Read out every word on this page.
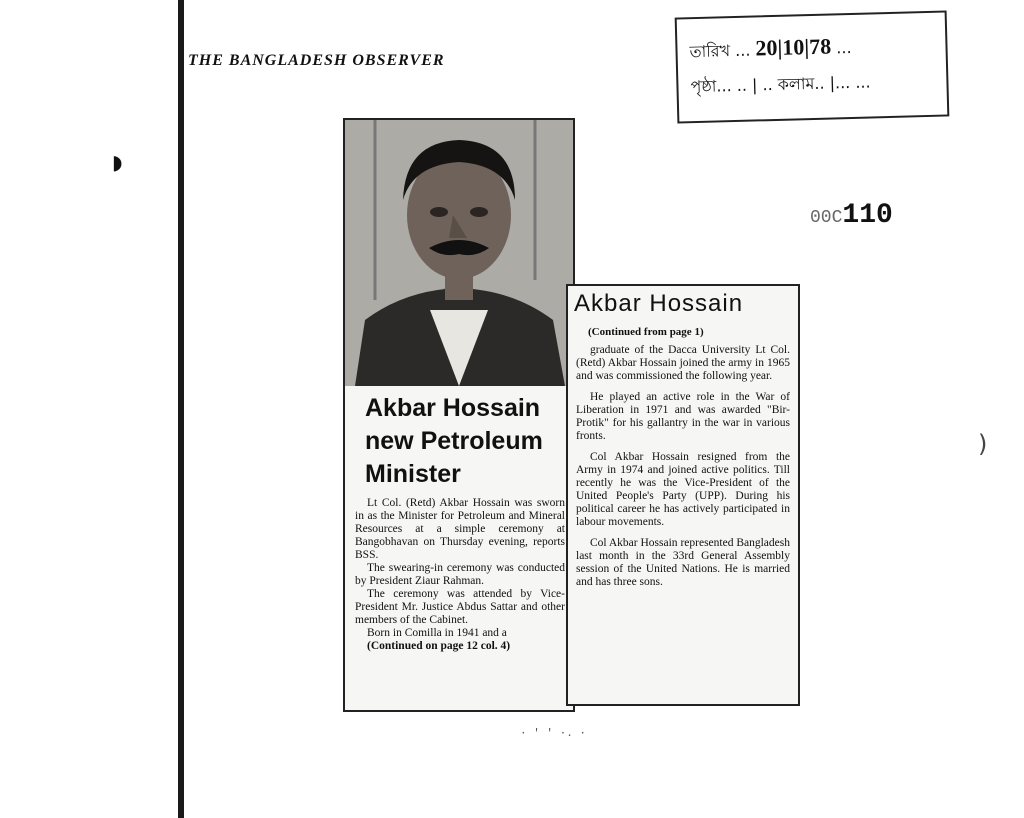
◗
)
THE BANGLADESH OBSERVER	তারিখ ... 20|10|78 ...
পৃষ্ঠা... .. | .. কলাম.. |... ...
00C110
Akbar Hossain
new Petroleum
Minister

Lt Col. (Retd) Akbar Hossain was sworn in as the Minister for Petroleum and Mineral Resources at a simple ceremony at Bangobhavan on Thursday evening, reports BSS.

The swearing-in ceremony was conducted by President Ziaur Rahman.

The ceremony was attended by Vice-President Mr. Justice Abdus Sattar and other members of the Cabinet.

Born in Comilla in 1941 and a

(Continued on page 12 col. 4)

Akbar Hossain
(Continued from page 1)

graduate of the Dacca University Lt Col. (Retd) Akbar Hossain joined the army in 1965 and was commissioned the following year.

He played an active role in the War of Liberation in 1971 and was awarded "Bir-Protik" for his gallantry in the war in various fronts.

Col Akbar Hossain resigned from the Army in 1974 and joined active politics. Till recently he was the Vice-President of the United People's Party (UPP). During his political career he has actively participated in labour movements.

Col Akbar Hossain represented Bangladesh last month in the 33rd General Assembly session of the United Nations. He is married and has three sons.

· ' ' ·. ·
